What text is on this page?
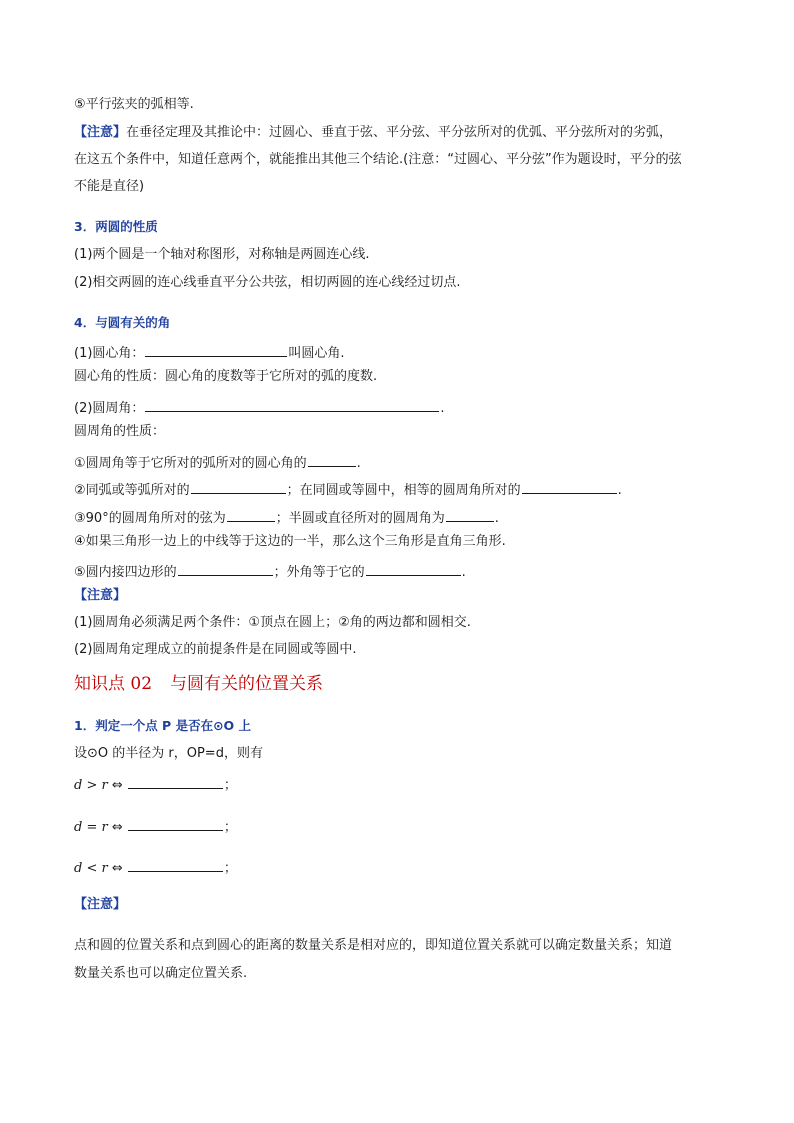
⑤平行弦夹的弧相等.
【注意】在垂径定理及其推论中：过圆心、垂直于弦、平分弦、平分弦所对的优弧、平分弦所对的劣弧，
在这五个条件中，知道任意两个，就能推出其他三个结论.(注意：“过圆心、平分弦”作为题设时，平分的弦
不能是直径)
3．两圆的性质
(1)两个圆是一个轴对称图形，对称轴是两圆连心线.
(2)相交两圆的连心线垂直平分公共弦，相切两圆的连心线经过切点.
4．与圆有关的角
(1)圆心角：	叫圆心角.
圆心角的性质：圆心角的度数等于它所对的弧的度数.
(2)圆周角：	.
圆周角的性质：
①圆周角等于它所对的弧所对的圆心角的	.
②同弧或等弧所对的	；在同圆或等圆中，相等的圆周角所对的	.
③90°的圆周角所对的弦为	；半圆或直径所对的圆周角为	.
④如果三角形一边上的中线等于这边的一半，那么这个三角形是直角三角形.
⑤圆内接四边形的	；外角等于它的	.
【注意】
(1)圆周角必须满足两个条件：①顶点在圆上；②角的两边都和圆相交.
(2)圆周角定理成立的前提条件是在同圆或等圆中.
知识点 02 与圆有关的位置关系
1．判定一个点 P 是否在⊙O 上
设⊙O 的半径为 r，OP=d，则有
d > r ⇔	；
d = r ⇔	；
d < r ⇔	；
【注意】
点和圆的位置关系和点到圆心的距离的数量关系是相对应的，即知道位置关系就可以确定数量关系；知道
数量关系也可以确定位置关系.
